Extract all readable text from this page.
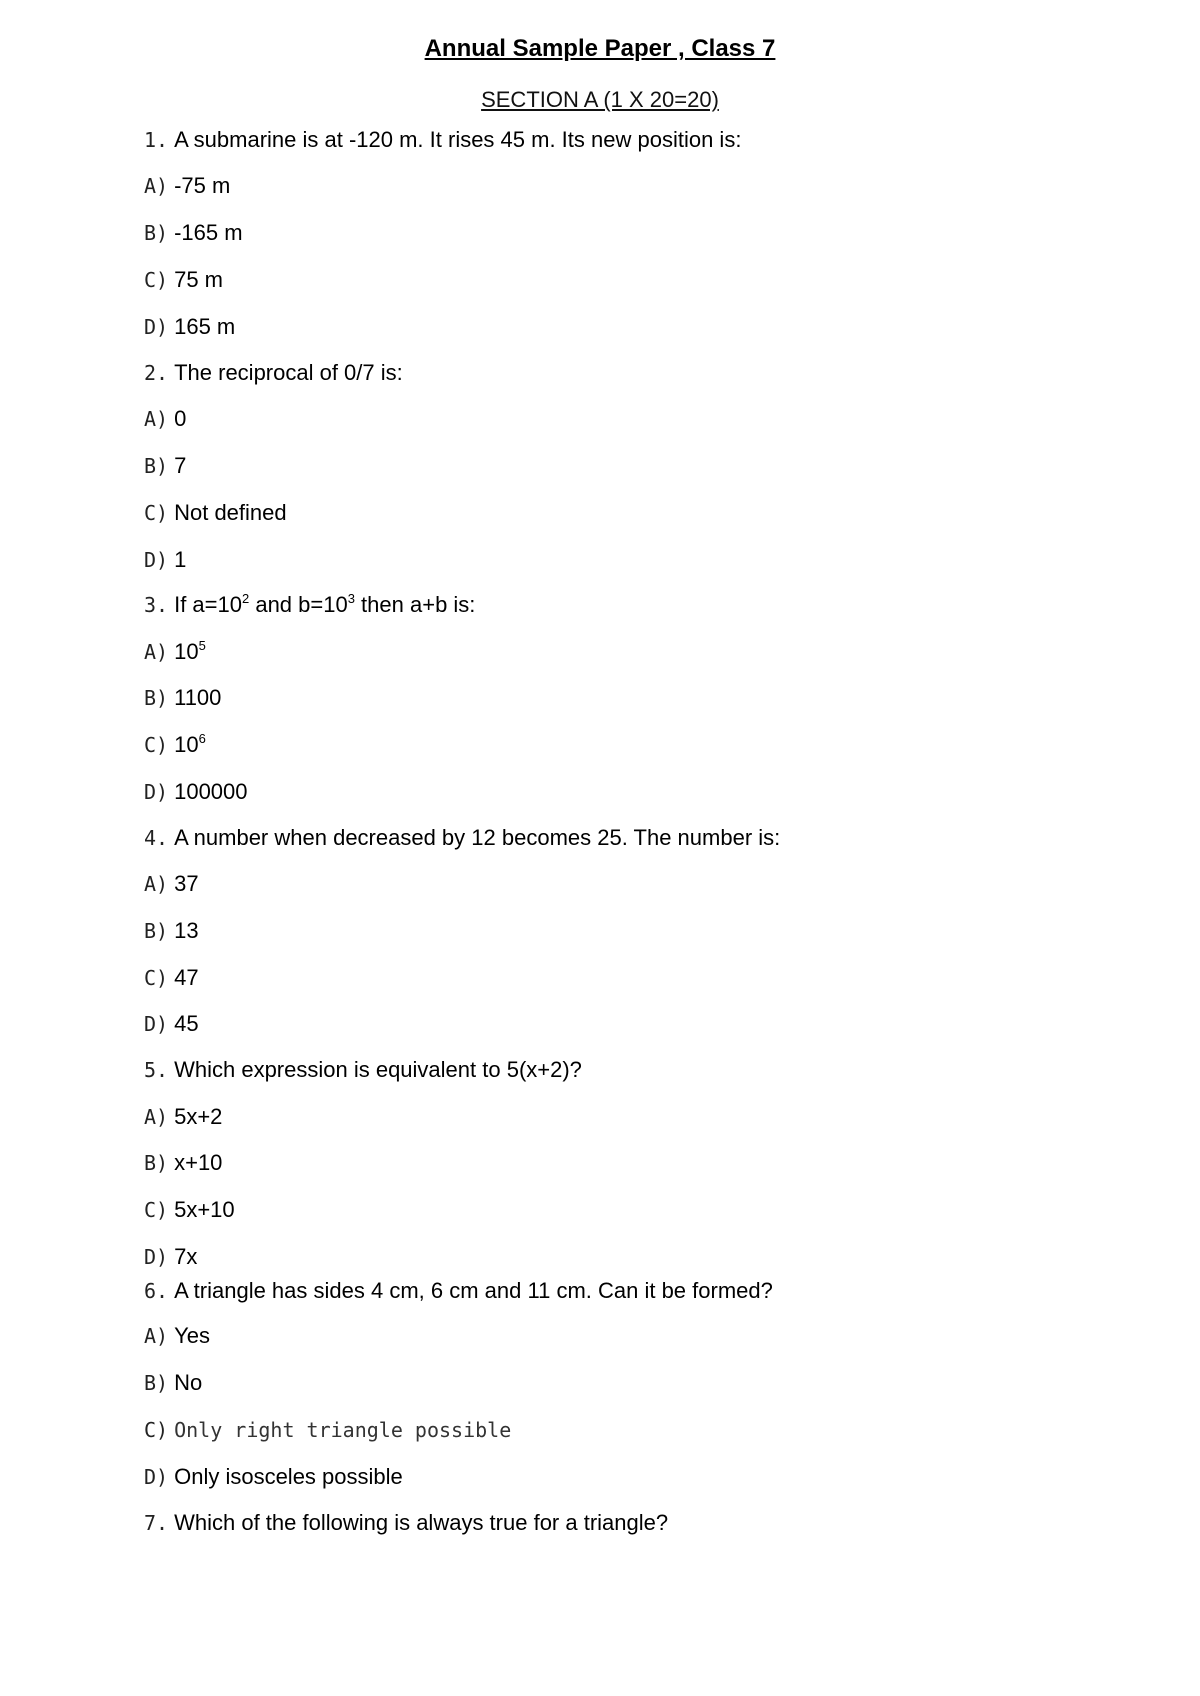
Annual Sample Paper , Class 7
SECTION A (1 X 20=20)
1. A submarine is at -120 m. It rises 45 m. Its new position is:
A) -75 m
B) -165 m
C) 75 m
D) 165 m
2. The reciprocal of 0/7 is:
A) 0
B) 7
C) Not defined
D) 1
3. If $a=10^2$ and $b=10^3$ then a+b is:
A) $10^5$
B) 1100
C) $10^6$
D) 100000
4. A number when decreased by 12 becomes 25. The number is:
A) 37
B) 13
C) 47
D) 45
5. Which expression is equivalent to 5(x+2)?
A) 5x+2
B) x+10
C) 5x+10
D) 7x
6. A triangle has sides 4 cm, 6 cm and 11 cm. Can it be formed?
A) Yes
B) No
C) Only right triangle possible
D) Only isosceles possible
7. Which of the following is always true for a triangle?
